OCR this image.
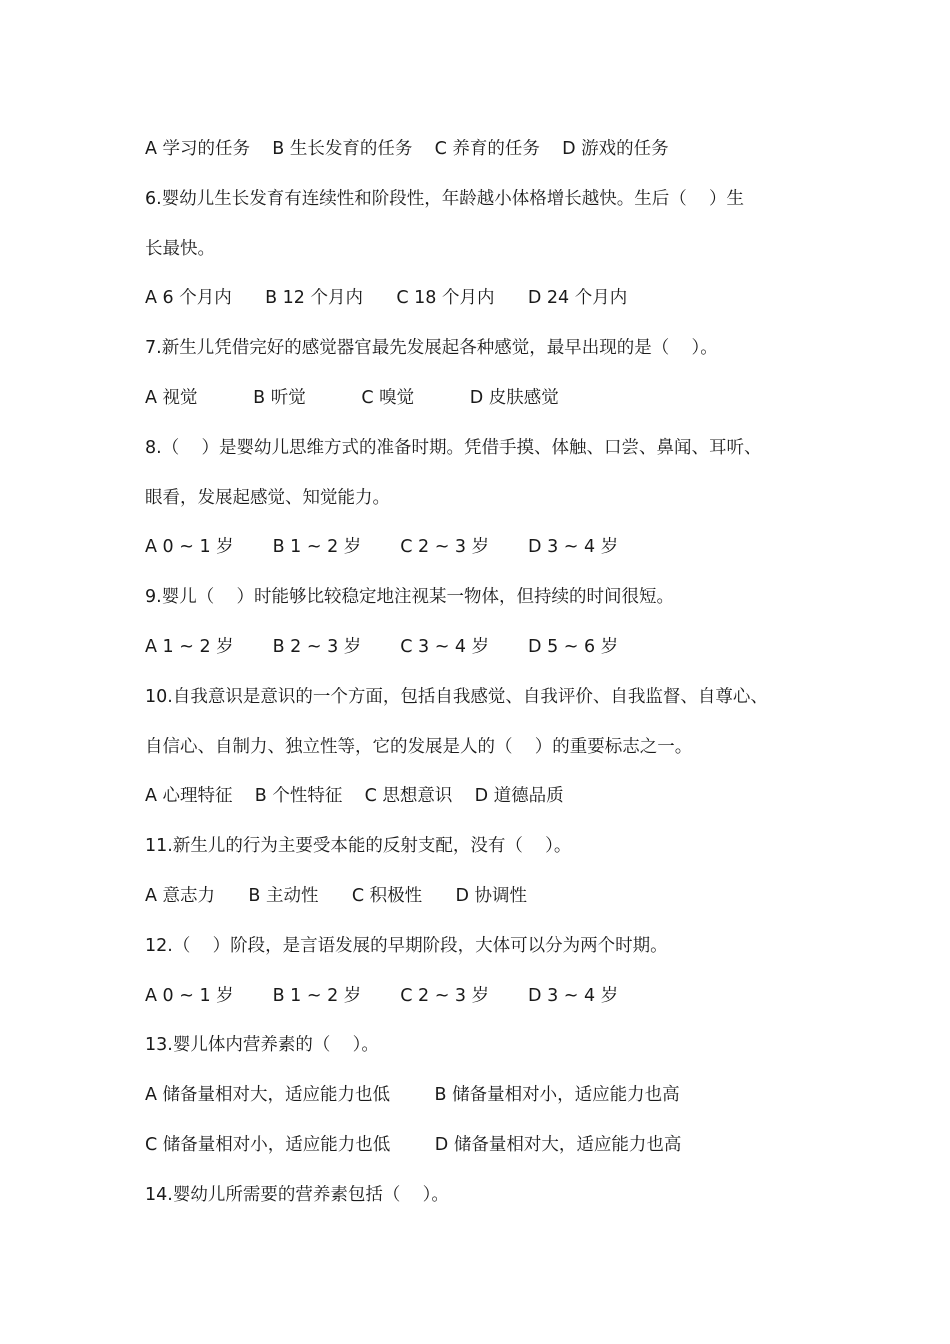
A 学习的任务    B 生长发育的任务    C 养育的任务    D 游戏的任务
6.婴幼儿生长发育有连续性和阶段性，年龄越小体格增长越快。生后（    ）生
长最快。
A 6 个月内      B 12 个月内      C 18 个月内      D 24 个月内
7.新生儿凭借完好的感觉器官最先发展起各种感觉，最早出现的是（    ）。
A 视觉          B 听觉          C 嗅觉          D 皮肤感觉
8.（    ）是婴幼儿思维方式的准备时期。凭借手摸、体触、口尝、鼻闻、耳听、
眼看，发展起感觉、知觉能力。
A 0 ~ 1 岁       B 1 ~ 2 岁       C 2 ~ 3 岁       D 3 ~ 4 岁
9.婴儿（    ）时能够比较稳定地注视某一物体，但持续的时间很短。
A 1 ~ 2 岁       B 2 ~ 3 岁       C 3 ~ 4 岁       D 5 ~ 6 岁
10.自我意识是意识的一个方面，包括自我感觉、自我评价、自我监督、自尊心、
自信心、自制力、独立性等，它的发展是人的（    ）的重要标志之一。
A 心理特征    B 个性特征    C 思想意识    D 道德品质
11.新生儿的行为主要受本能的反射支配，没有（    ）。
A 意志力      B 主动性      C 积极性      D 协调性
12.（    ）阶段，是言语发展的早期阶段，大体可以分为两个时期。
A 0 ~ 1 岁       B 1 ~ 2 岁       C 2 ~ 3 岁       D 3 ~ 4 岁
13.婴儿体内营养素的（    ）。
A 储备量相对大，适应能力也低        B 储备量相对小，适应能力也高
C 储备量相对小，适应能力也低        D 储备量相对大，适应能力也高
14.婴幼儿所需要的营养素包括（    ）。
